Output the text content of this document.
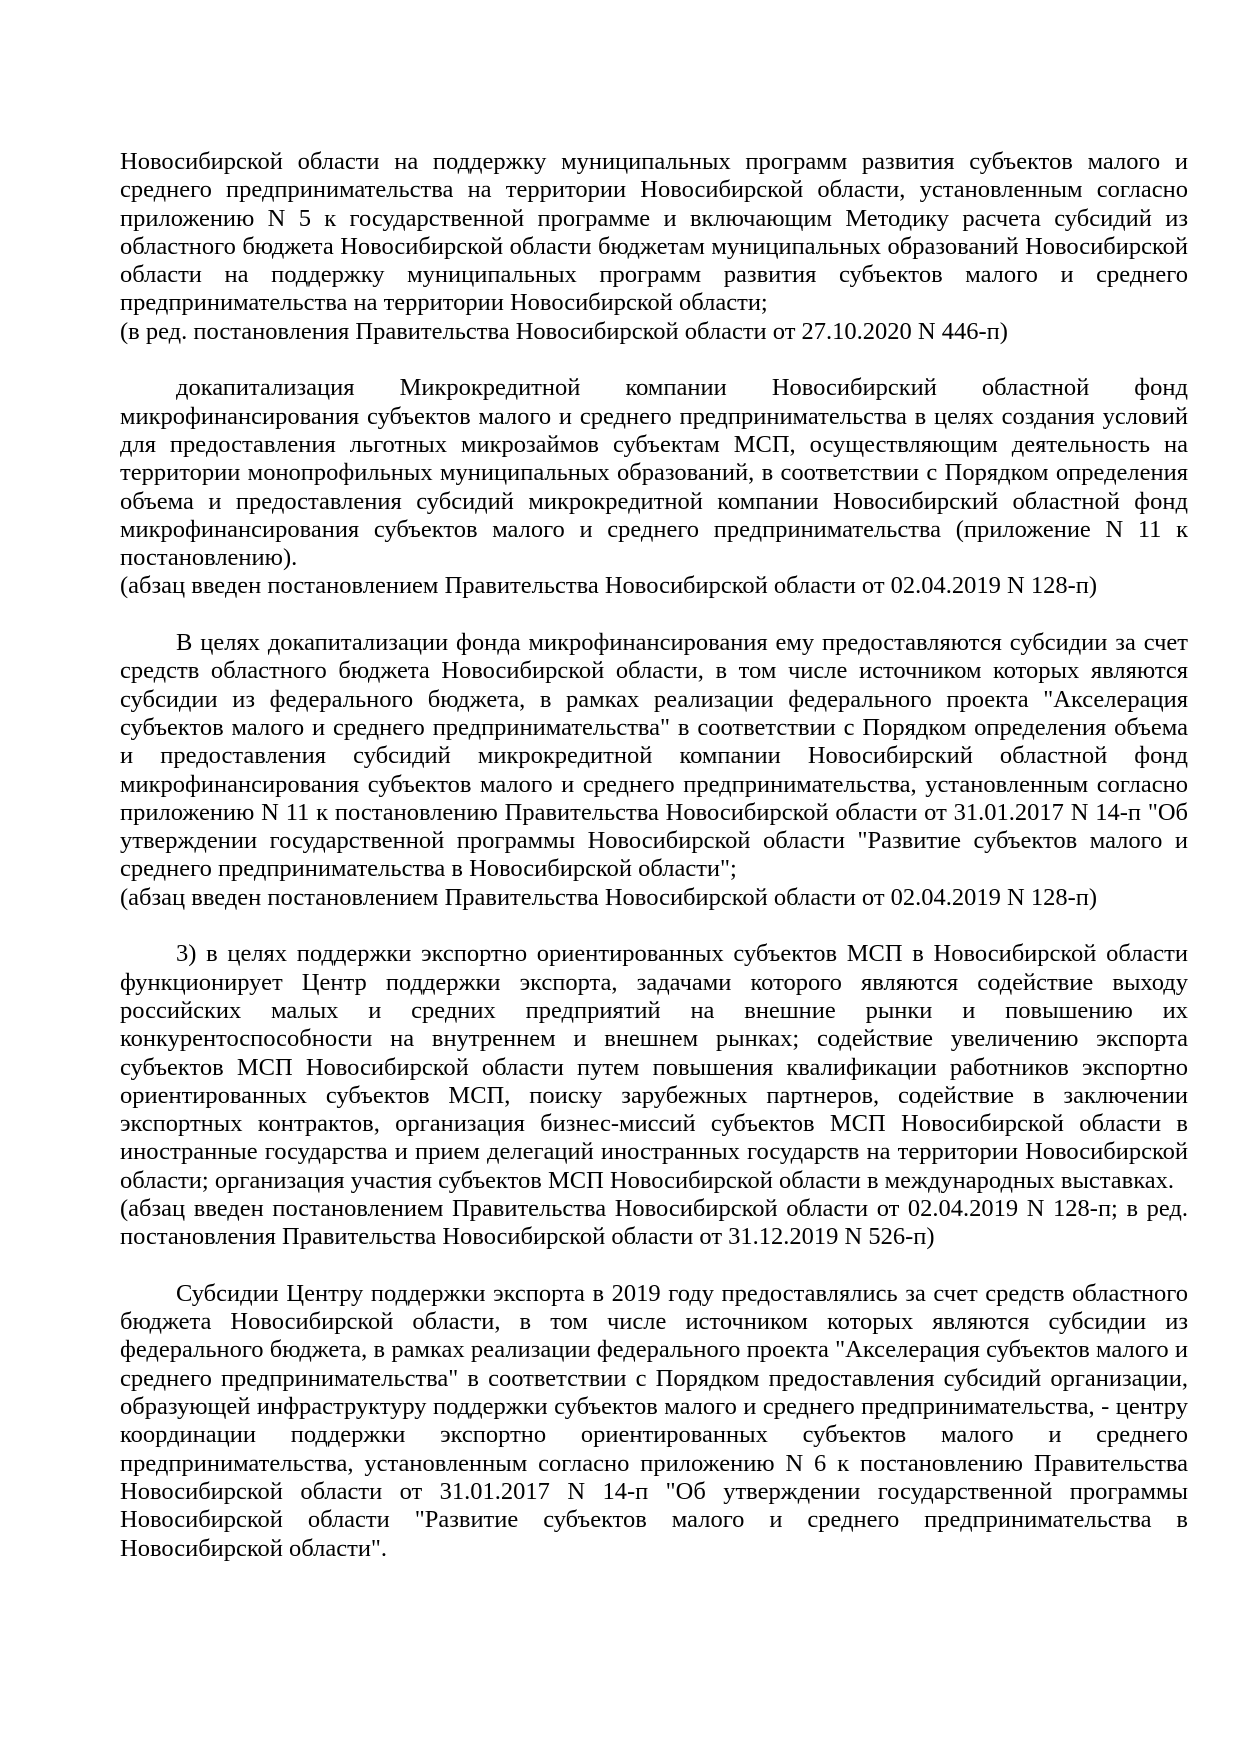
Новосибирской области на поддержку муниципальных программ развития субъектов малого и среднего предпринимательства на территории Новосибирской области, установленным согласно приложению N 5 к государственной программе и включающим Методику расчета субсидий из областного бюджета Новосибирской области бюджетам муниципальных образований Новосибирской области на поддержку муниципальных программ развития субъектов малого и среднего предпринимательства на территории Новосибирской области;

(в ред. постановления Правительства Новосибирской области от 27.10.2020 N 446-п)

докапитализация Микрокредитной компании Новосибирский областной фонд микрофинансирования субъектов малого и среднего предпринимательства в целях создания условий для предоставления льготных микрозаймов субъектам МСП, осуществляющим деятельность на территории монопрофильных муниципальных образований, в соответствии с Порядком определения объема и предоставления субсидий микрокредитной компании Новосибирский областной фонд микрофинансирования субъектов малого и среднего предпринимательства (приложение N 11 к постановлению).

(абзац введен постановлением Правительства Новосибирской области от 02.04.2019 N 128-п)

В целях докапитализации фонда микрофинансирования ему предоставляются субсидии за счет средств областного бюджета Новосибирской области, в том числе источником которых являются субсидии из федерального бюджета, в рамках реализации федерального проекта "Акселерация субъектов малого и среднего предпринимательства" в соответствии с Порядком определения объема и предоставления субсидий микрокредитной компании Новосибирский областной фонд микрофинансирования субъектов малого и среднего предпринимательства, установленным согласно приложению N 11 к постановлению Правительства Новосибирской области от 31.01.2017 N 14-п "Об утверждении государственной программы Новосибирской области "Развитие субъектов малого и среднего предпринимательства в Новосибирской области";

(абзац введен постановлением Правительства Новосибирской области от 02.04.2019 N 128-п)

3) в целях поддержки экспортно ориентированных субъектов МСП в Новосибирской области функционирует Центр поддержки экспорта, задачами которого являются содействие выходу российских малых и средних предприятий на внешние рынки и повышению их конкурентоспособности на внутреннем и внешнем рынках; содействие увеличению экспорта субъектов МСП Новосибирской области путем повышения квалификации работников экспортно ориентированных субъектов МСП, поиску зарубежных партнеров, содействие в заключении экспортных контрактов, организация бизнес-миссий субъектов МСП Новосибирской области в иностранные государства и прием делегаций иностранных государств на территории Новосибирской области; организация участия субъектов МСП Новосибирской области в международных выставках.

(абзац введен постановлением Правительства Новосибирской области от 02.04.2019 N 128-п; в ред. постановления Правительства Новосибирской области от 31.12.2019 N 526-п)

Субсидии Центру поддержки экспорта в 2019 году предоставлялись за счет средств областного бюджета Новосибирской области, в том числе источником которых являются субсидии из федерального бюджета, в рамках реализации федерального проекта "Акселерация субъектов малого и среднего предпринимательства" в соответствии с Порядком предоставления субсидий организации, образующей инфраструктуру поддержки субъектов малого и среднего предпринимательства, - центру координации поддержки экспортно ориентированных субъектов малого и среднего предпринимательства, установленным согласно приложению N 6 к постановлению Правительства Новосибирской области от 31.01.2017 N 14-п "Об утверждении государственной программы Новосибирской области "Развитие субъектов малого и среднего предпринимательства в Новосибирской области".
